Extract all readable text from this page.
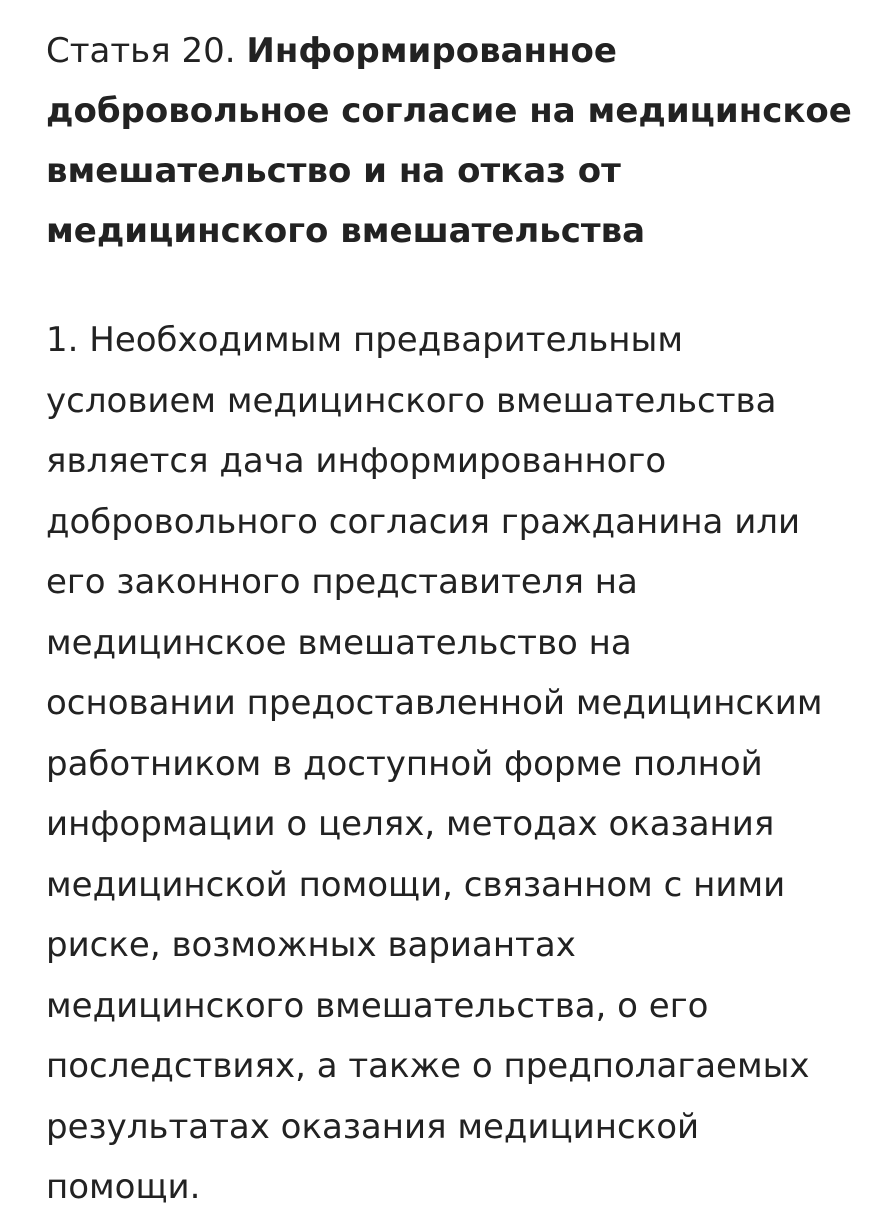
Статья 20. Информированное
добровольное согласие на медицинское
вмешательство и на отказ от
медицинского вмешательства

1. Необходимым предварительным
условием медицинского вмешательства
является дача информированного
добровольного согласия гражданина или
его законного представителя на
медицинское вмешательство на
основании предоставленной медицинским
работником в доступной форме полной
информации о целях, методах оказания
медицинской помощи, связанном с ними
риске, возможных вариантах
медицинского вмешательства, о его
последствиях, а также о предполагаемых
результатах оказания медицинской
помощи.
